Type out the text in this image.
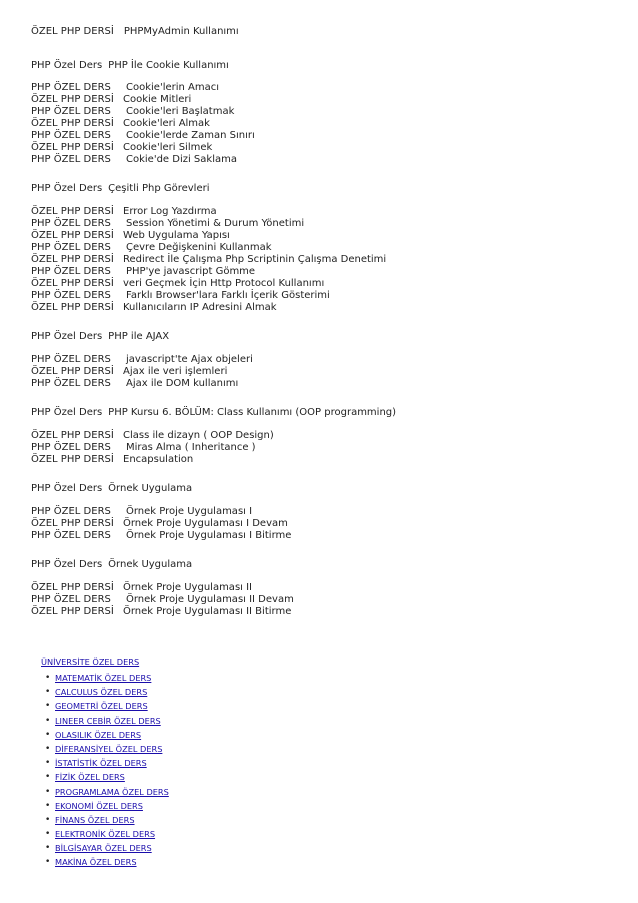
ÖZEL PHP DERSİ PHPMyAdmin Kullanımı
PHP Özel Ders PHP İle Cookie Kullanımı
PHP ÖZEL DERS Cookie'lerin Amacı
ÖZEL PHP DERSİ Cookie Mitleri
PHP ÖZEL DERS Cookie'leri Başlatmak
ÖZEL PHP DERSİ Cookie'leri Almak
PHP ÖZEL DERS Cookie'lerde Zaman Sınırı
ÖZEL PHP DERSİ Cookie'leri Silmek
PHP ÖZEL DERS Cokie'de Dizi Saklama
PHP Özel Ders Çeşitli Php Görevleri
ÖZEL PHP DERSİ Error Log Yazdırma
PHP ÖZEL DERS Session Yönetimi & Durum Yönetimi
ÖZEL PHP DERSİ Web Uygulama Yapısı
PHP ÖZEL DERS Çevre Değişkenini Kullanmak
ÖZEL PHP DERSİ Redirect İle Çalışma Php Scriptinin Çalışma Denetimi
PHP ÖZEL DERS PHP'ye javascript Gömme
ÖZEL PHP DERSİ veri Geçmek İçin Http Protocol Kullanımı
PHP ÖZEL DERS Farklı Browser'lara Farklı İçerik Gösterimi
ÖZEL PHP DERSİ Kullanıcıların IP Adresini Almak
PHP Özel Ders PHP ile AJAX
PHP ÖZEL DERS javascript'te Ajax objeleri
ÖZEL PHP DERSİ Ajax ile veri işlemleri
PHP ÖZEL DERS Ajax ile DOM kullanımı
PHP Özel Ders PHP Kursu 6. BÖLÜM: Class Kullanımı (OOP programming)
ÖZEL PHP DERSİ Class ile dizayn ( OOP Design)
PHP ÖZEL DERS Miras Alma ( Inheritance )
ÖZEL PHP DERSİ Encapsulation
PHP Özel Ders Örnek Uygulama
PHP ÖZEL DERS Örnek Proje Uygulaması I
ÖZEL PHP DERSİ Örnek Proje Uygulaması I Devam
PHP ÖZEL DERS Örnek Proje Uygulaması I Bitirme
PHP Özel Ders Örnek Uygulama
ÖZEL PHP DERSİ Örnek Proje Uygulaması II
PHP ÖZEL DERS Örnek Proje Uygulaması II Devam
ÖZEL PHP DERSİ Örnek Proje Uygulaması II Bitirme
ÜNİVERSİTE ÖZEL DERS
• MATEMATİK ÖZEL DERS
• CALCULUS ÖZEL DERS
• GEOMETRİ ÖZEL DERS
• LINEER CEBİR ÖZEL DERS
• OLASILIK ÖZEL DERS
• DİFERANSİYEL ÖZEL DERS
• İSTATİSTİK ÖZEL DERS
• FİZİK ÖZEL DERS
• PROGRAMLAMA ÖZEL DERS
• EKONOMİ ÖZEL DERS
• FİNANS ÖZEL DERS
• ELEKTRONİK ÖZEL DERS
• BİLGİSAYAR ÖZEL DERS
• MAKİNA ÖZEL DERS
